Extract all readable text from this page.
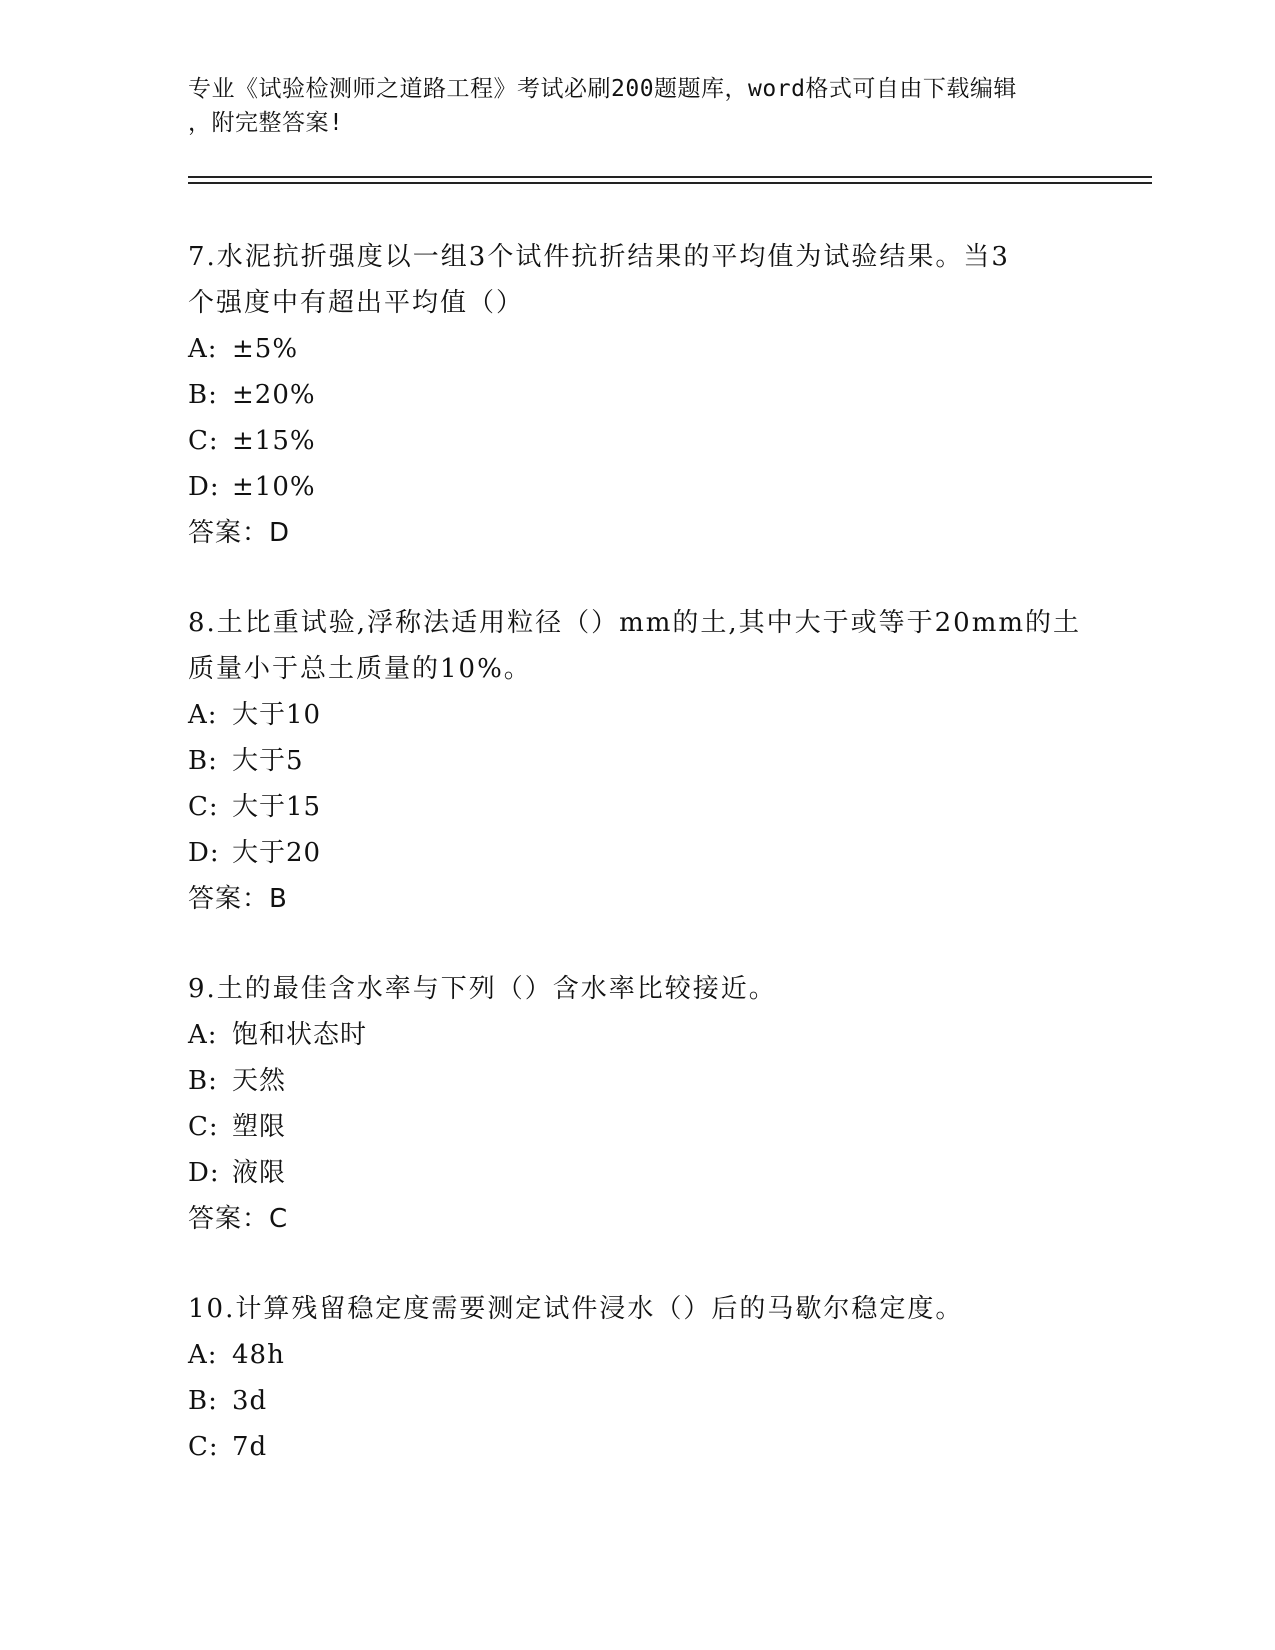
专业《试验检测师之道路工程》考试必刷200题题库，word格式可自由下载编辑
，附完整答案!

7.水泥抗折强度以一组3个试件抗折结果的平均值为试验结果。当3

个强度中有超出平均值（）

A: ±5%

B: ±20%

C: ±15%

D: ±10%

答案：D

8.土比重试验,浮称法适用粒径（）mm的土,其中大于或等于20mm的土

质量小于总土质量的10%。

A: 大于10

B: 大于5

C: 大于15

D: 大于20

答案：B

9.土的最佳含水率与下列（）含水率比较接近。

A: 饱和状态时

B: 天然

C: 塑限

D: 液限

答案：C

10.计算残留稳定度需要测定试件浸水（）后的马歇尔稳定度。

A: 48h

B: 3d

C: 7d
